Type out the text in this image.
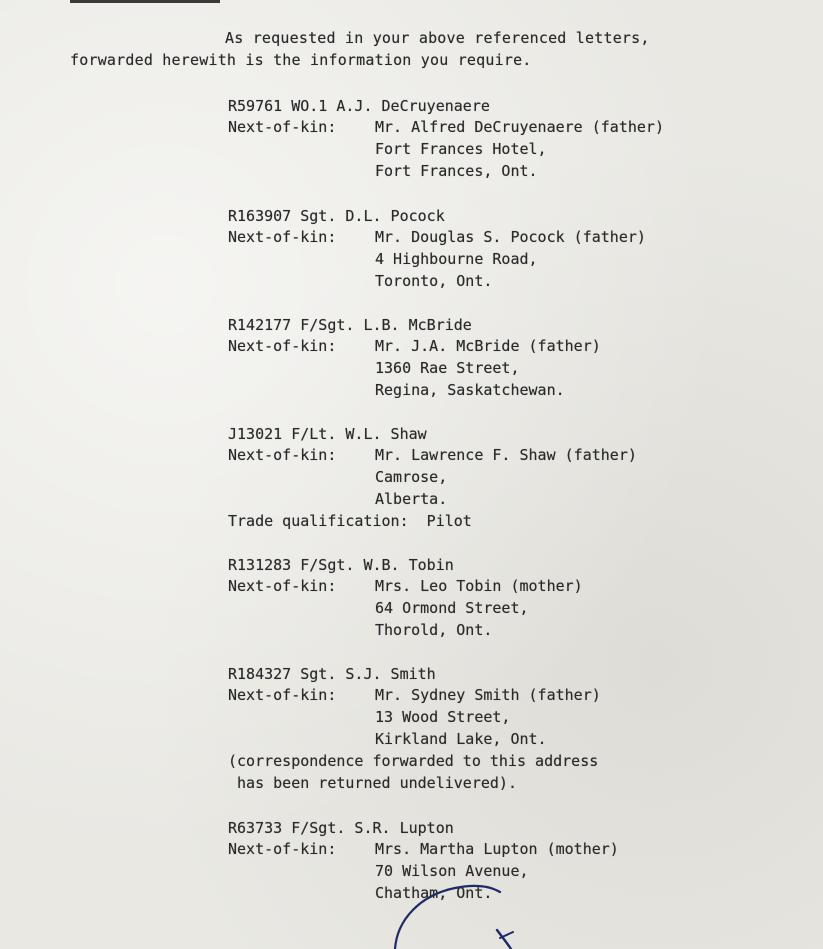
As requested in your above referenced letters,
forwarded herewith is the information you require.
R59761 WO.1 A.J. DeCruyenaere
Next-of-kin:	Mr. Alfred DeCruyenaere (father)
Fort Frances Hotel,
Fort Frances, Ont.
R163907 Sgt. D.L. Pocock
Next-of-kin:	Mr. Douglas S. Pocock (father)
4 Highbourne Road,
Toronto, Ont.
R142177 F/Sgt. L.B. McBride
Next-of-kin:	Mr. J.A. McBride (father)
1360 Rae Street,
Regina, Saskatchewan.
J13021 F/Lt. W.L. Shaw
Next-of-kin:	Mr. Lawrence F. Shaw (father)
Camrose,
Alberta.
Trade qualification:  Pilot
R131283 F/Sgt. W.B. Tobin
Next-of-kin:	Mrs. Leo Tobin (mother)
64 Ormond Street,
Thorold, Ont.
R184327 Sgt. S.J. Smith
Next-of-kin:	Mr. Sydney Smith (father)
13 Wood Street,
Kirkland Lake, Ont.
(correspondence forwarded to this address
has been returned undelivered).
R63733 F/Sgt. S.R. Lupton
Next-of-kin:	Mrs. Martha Lupton (mother)
70 Wilson Avenue,
Chatham, Ont.
